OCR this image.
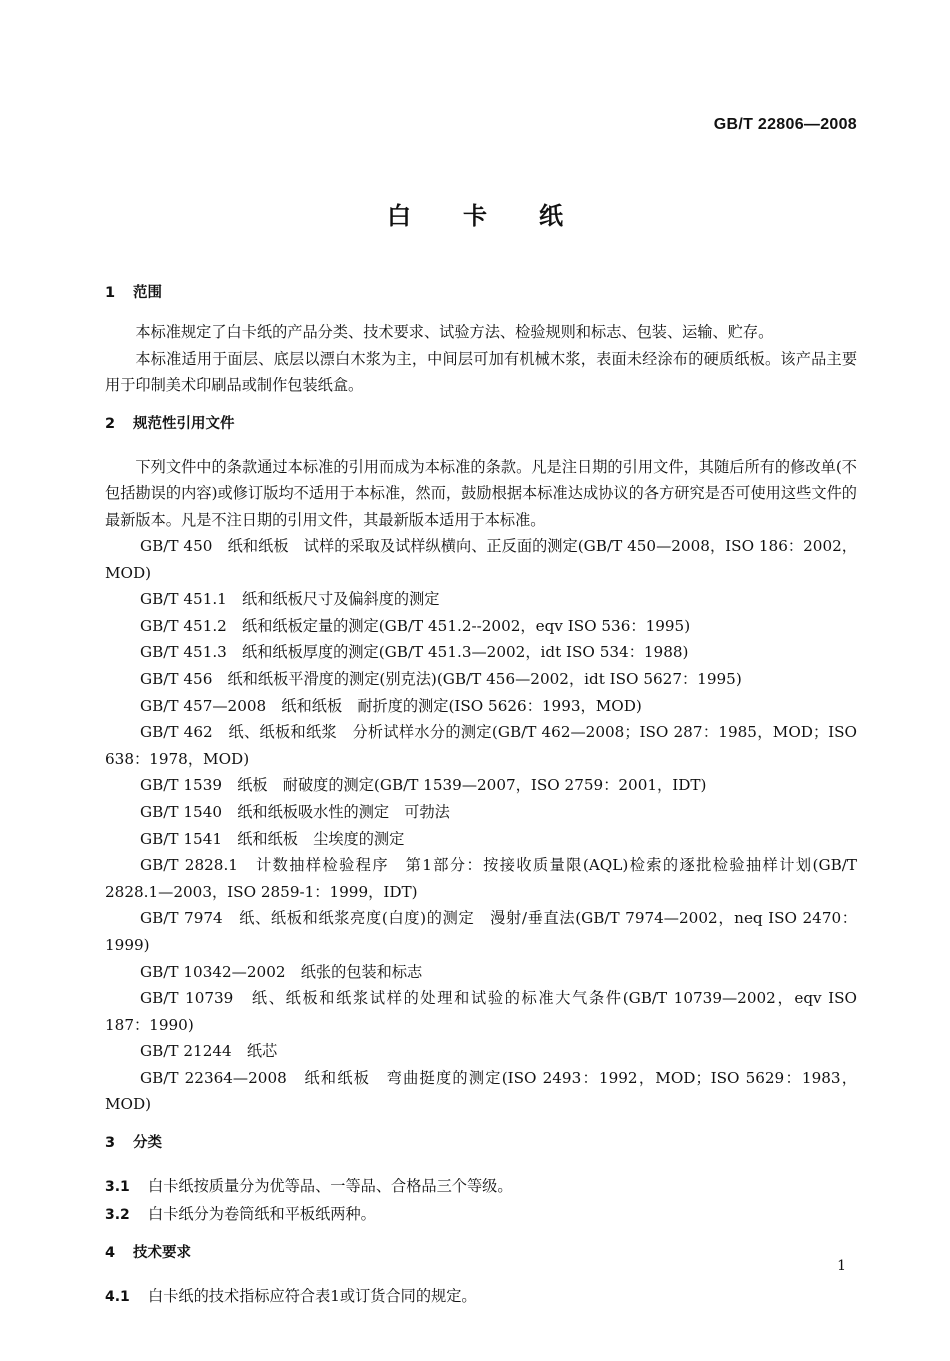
GB/T 22806—2008
白 卡 纸
1 范围

本标准规定了白卡纸的产品分类、技术要求、试验方法、检验规则和标志、包装、运输、贮存。

本标准适用于面层、底层以漂白木浆为主，中间层可加有机械木浆，表面未经涂布的硬质纸板。该产品主要用于印制美术印刷品或制作包装纸盒。

2 规范性引用文件

下列文件中的条款通过本标准的引用而成为本标准的条款。凡是注日期的引用文件，其随后所有的修改单(不包括勘误的内容)或修订版均不适用于本标准，然而，鼓励根据本标准达成协议的各方研究是否可使用这些文件的最新版本。凡是不注日期的引用文件，其最新版本适用于本标准。

GB/T 450　纸和纸板　试样的采取及试样纵横向、正反面的测定(GB/T 450—2008，ISO 186：2002，MOD)

GB/T 451.1　纸和纸板尺寸及偏斜度的测定

GB/T 451.2　纸和纸板定量的测定(GB/T 451.2--2002，eqv ISO 536：1995)

GB/T 451.3　纸和纸板厚度的测定(GB/T 451.3—2002，idt ISO 534：1988)

GB/T 456　纸和纸板平滑度的测定(别克法)(GB/T 456—2002，idt ISO 5627：1995)

GB/T 457—2008　纸和纸板　耐折度的测定(ISO 5626：1993，MOD)

GB/T 462　纸、纸板和纸浆　分析试样水分的测定(GB/T 462—2008；ISO 287：1985，MOD；ISO 638：1978，MOD)

GB/T 1539　纸板　耐破度的测定(GB/T 1539—2007，ISO 2759：2001，IDT)

GB/T 1540　纸和纸板吸水性的测定　可勃法

GB/T 1541　纸和纸板　尘埃度的测定

GB/T 2828.1　计数抽样检验程序　第1部分：按接收质量限(AQL)检索的逐批检验抽样计划(GB/T 2828.1—2003，ISO 2859-1：1999，IDT)

GB/T 7974　纸、纸板和纸浆亮度(白度)的测定　漫射/垂直法(GB/T 7974—2002，neq ISO 2470：1999)

GB/T 10342—2002　纸张的包装和标志

GB/T 10739　纸、纸板和纸浆试样的处理和试验的标准大气条件(GB/T 10739—2002，eqv ISO 187：1990)

GB/T 21244　纸芯

GB/T 22364—2008　纸和纸板　弯曲挺度的测定(ISO 2493：1992，MOD；ISO 5629：1983，MOD)

3 分类

3.1 白卡纸按质量分为优等品、一等品、合格品三个等级。

3.2 白卡纸分为卷筒纸和平板纸两种。

4 技术要求

4.1 白卡纸的技术指标应符合表1或订货合同的规定。

1
